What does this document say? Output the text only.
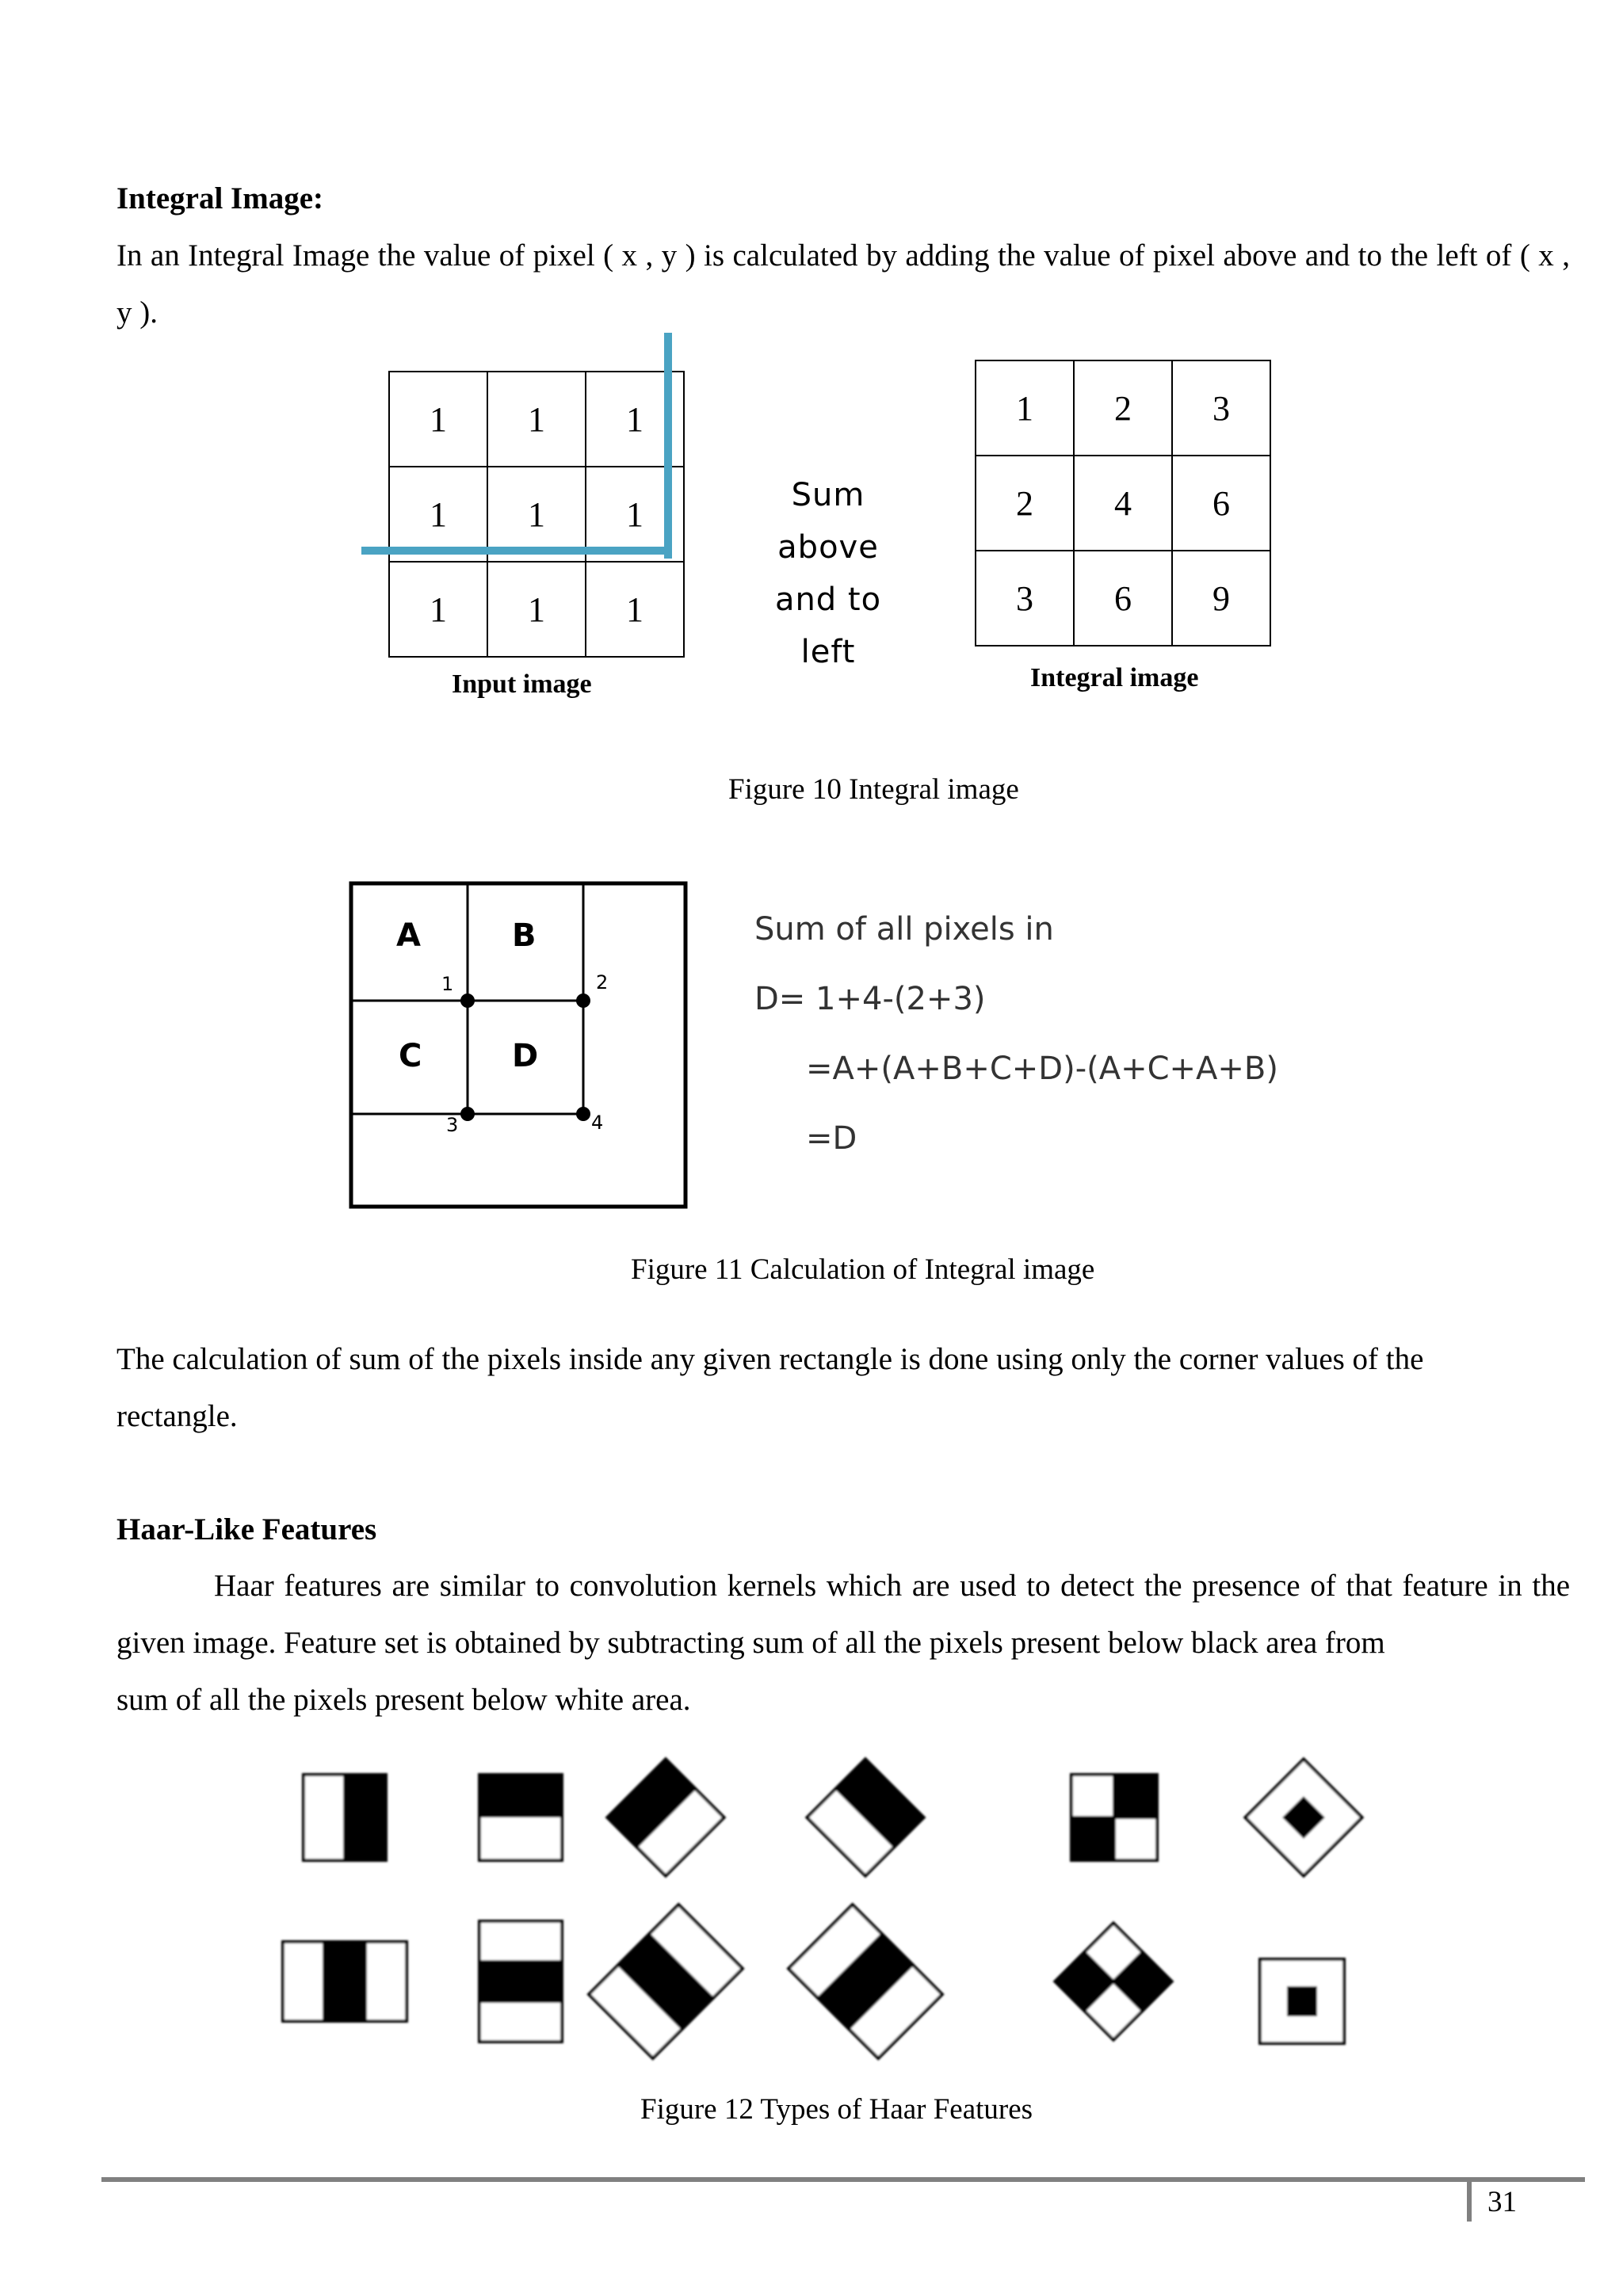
Integral Image:
In an Integral Image the value of pixel ( x , y ) is calculated by adding the value of pixel above and to the left of ( x , y ).
1	1	1
1	1	1
1	1	1
Input image
Sum
above
and to
left
1	2	3
2	4	6
3	6	9
Integral image
Figure 10 Integral image
A	B
C	D
1	2
3	4
Sum of all pixels in
D= 1+4-(2+3)
=A+(A+B+C+D)-(A+C+A+B)
=D
Figure 11 Calculation of Integral image
The calculation of sum of the pixels inside any given rectangle is done using only the corner values of the
rectangle.
Haar-Like Features
Haar features are similar to convolution kernels which are used to detect the presence of that feature in the given image. Feature set is obtained by subtracting sum of all the pixels present below black area from
sum of all the pixels present below white area.
Figure 12 Types of Haar Features
31
